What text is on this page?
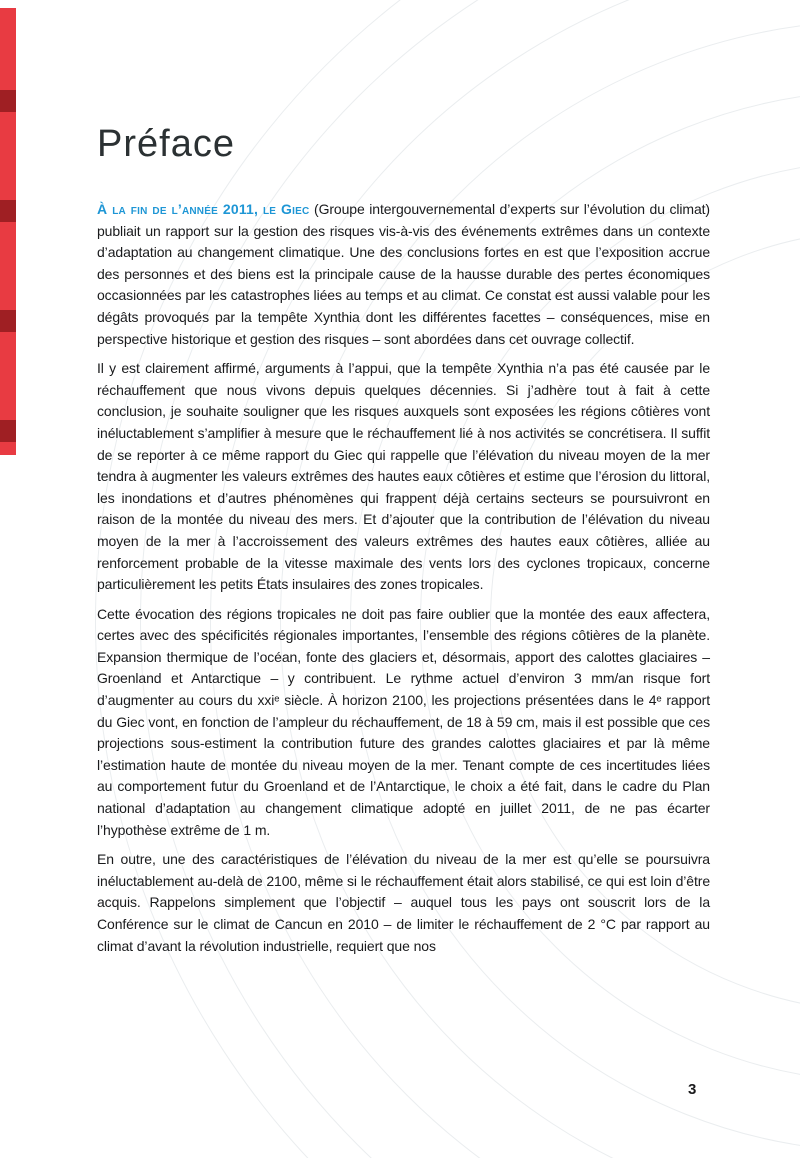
Préface

À la fin de l’année 2011, le Giec (Groupe intergouvernemental d’experts sur l’évolution du climat) publiait un rapport sur la gestion des risques vis-à-vis des événements extrêmes dans un contexte d’adaptation au changement climatique. Une des conclusions fortes en est que l’exposition accrue des personnes et des biens est la principale cause de la hausse durable des pertes économiques occasionnées par les catastrophes liées au temps et au climat. Ce constat est aussi valable pour les dégâts provoqués par la tempête Xynthia dont les différentes facettes – conséquences, mise en perspective historique et gestion des risques – sont abordées dans cet ouvrage collectif.

Il y est clairement affirmé, arguments à l’appui, que la tempête Xynthia n’a pas été causée par le réchauffement que nous vivons depuis quelques décennies. Si j’adhère tout à fait à cette conclusion, je souhaite souligner que les risques auxquels sont exposées les régions côtières vont inéluctablement s’amplifier à mesure que le réchauffement lié à nos activités se concrétisera. Il suffit de se reporter à ce même rapport du Giec qui rappelle que l’élévation du niveau moyen de la mer tendra à augmenter les valeurs extrêmes des hautes eaux côtières et estime que l’érosion du littoral, les inondations et d’autres phénomènes qui frappent déjà certains secteurs se poursuivront en raison de la montée du niveau des mers. Et d’ajouter que la contribution de l’élévation du niveau moyen de la mer à l’accroissement des valeurs extrêmes des hautes eaux côtières, alliée au renforcement probable de la vitesse maximale des vents lors des cyclones tropicaux, concerne particulièrement les petits États insulaires des zones tropicales.

Cette évocation des régions tropicales ne doit pas faire oublier que la montée des eaux affectera, certes avec des spécificités régionales importantes, l’ensemble des régions côtières de la planète. Expansion thermique de l’océan, fonte des glaciers et, désormais, apport des calottes glaciaires – Groenland et Antarctique – y contribuent. Le rythme actuel d’environ 3 mm/an risque fort d’augmenter au cours du xxiᵉ siècle. À horizon 2100, les projections présentées dans le 4ᵉ rapport du Giec vont, en fonction de l’ampleur du réchauffement, de 18 à 59 cm, mais il est possible que ces projections sous-estiment la contribution future des grandes calottes glaciaires et par là même l’estimation haute de montée du niveau moyen de la mer. Tenant compte de ces incertitudes liées au comportement futur du Groenland et de l’Antarctique, le choix a été fait, dans le cadre du Plan national d’adaptation au changement climatique adopté en juillet 2011, de ne pas écarter l’hypothèse extrême de 1 m.

En outre, une des caractéristiques de l’élévation du niveau de la mer est qu’elle se poursuivra inéluctablement au-delà de 2100, même si le réchauffement était alors stabilisé, ce qui est loin d’être acquis. Rappelons simplement que l’objectif – auquel tous les pays ont souscrit lors de la Conférence sur le climat de Cancun en 2010 – de limiter le réchauffement de 2 °C par rapport au climat d’avant la révolution industrielle, requiert que nos

3
